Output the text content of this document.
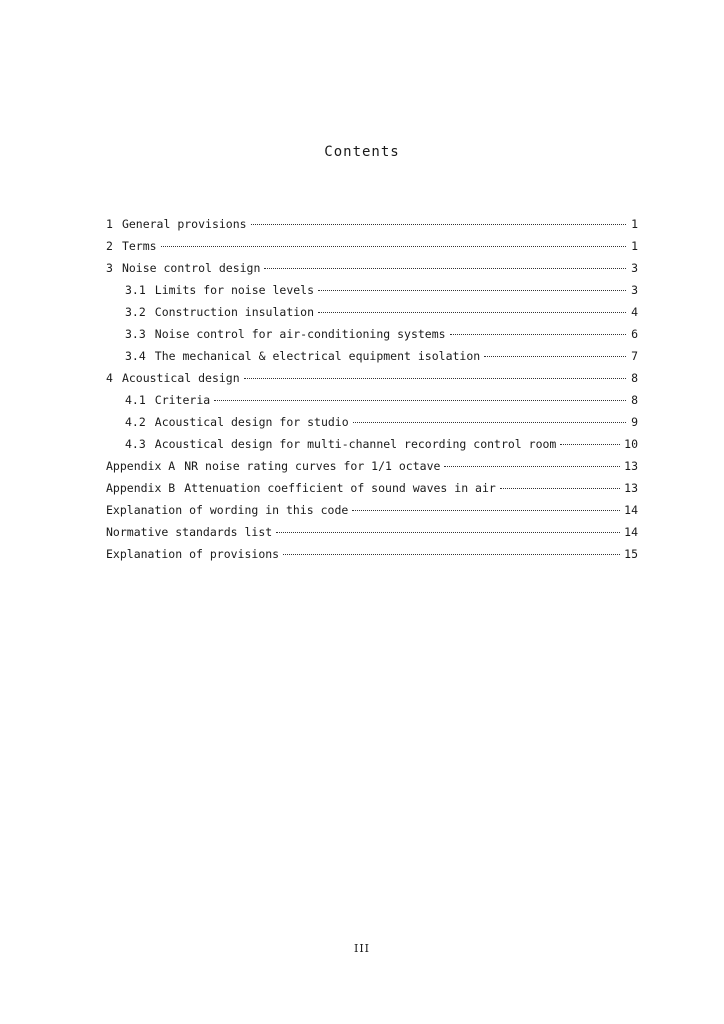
Contents
1 General provisions	1
2 Terms	1
3 Noise control design	3
3.1 Limits for noise levels	3
3.2 Construction insulation	4
3.3 Noise control for air-conditioning systems	6
3.4 The mechanical & electrical equipment isolation	7
4 Acoustical design	8
4.1 Criteria	8
4.2 Acoustical design for studio	9
4.3 Acoustical design for multi-channel recording control room	10
Appendix A NR noise rating curves for 1/1 octave	13
Appendix B Attenuation coefficient of sound waves in air	13
Explanation of wording in this code	14
Normative standards list	14
Explanation of provisions	15
III
